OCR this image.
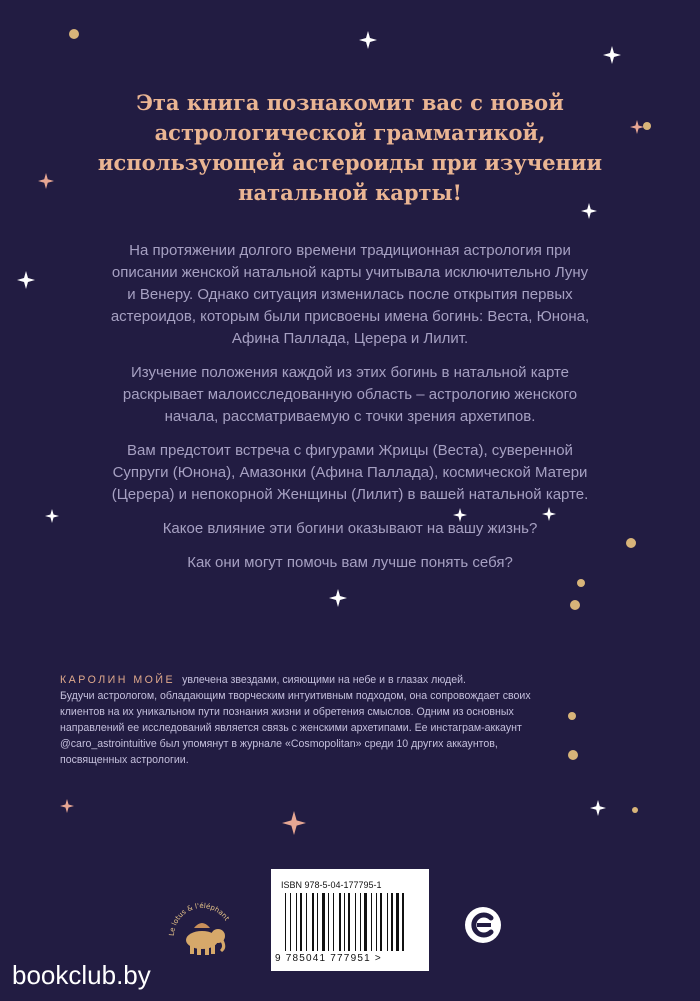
Эта книга познакомит вас с новой
астрологической грамматикой,
использующей астероиды при изучении
натальной карты!

На протяжении долгого времени традиционная астрология при
описании женской натальной карты учитывала исключительно Луну
и Венеру. Однако ситуация изменилась после открытия первых
астероидов, которым были присвоены имена богинь: Веста, Юнона,
Афина Паллада, Церера и Лилит.

Изучение положения каждой из этих богинь в натальной карте
раскрывает малоисследованную область – астрологию женского
начала, рассматриваемую с точки зрения архетипов.

Вам предстоит встреча с фигурами Жрицы (Веста), суверенной
Супруги (Юнона), Амазонки (Афина Паллада), космической Матери
(Церера) и непокорной Женщины (Лилит) в вашей натальной карте.

Какое влияние эти богини оказывают на вашу жизнь?

Как они могут помочь вам лучше понять себя?

КАРОЛИН МОЙЕ увлечена звездами, сияющими на небе и в глазах людей.
Будучи астрологом, обладающим творческим интуитивным подходом, она сопровождает своих
клиентов на их уникальном пути познания жизни и обретения смыслов. Одним из основных
направлений ее исследований является связь с женскими архетипами. Ее инстаграм-аккаунт
@caro_astrointuitive был упомянут в журнале «Cosmopolitan» среди 10 других аккаунтов,
посвященных астрологии.
Le lotus & l'éléphant
ISBN 978-5-04-177795-1
9 785041 777951 >
bookclub.by
